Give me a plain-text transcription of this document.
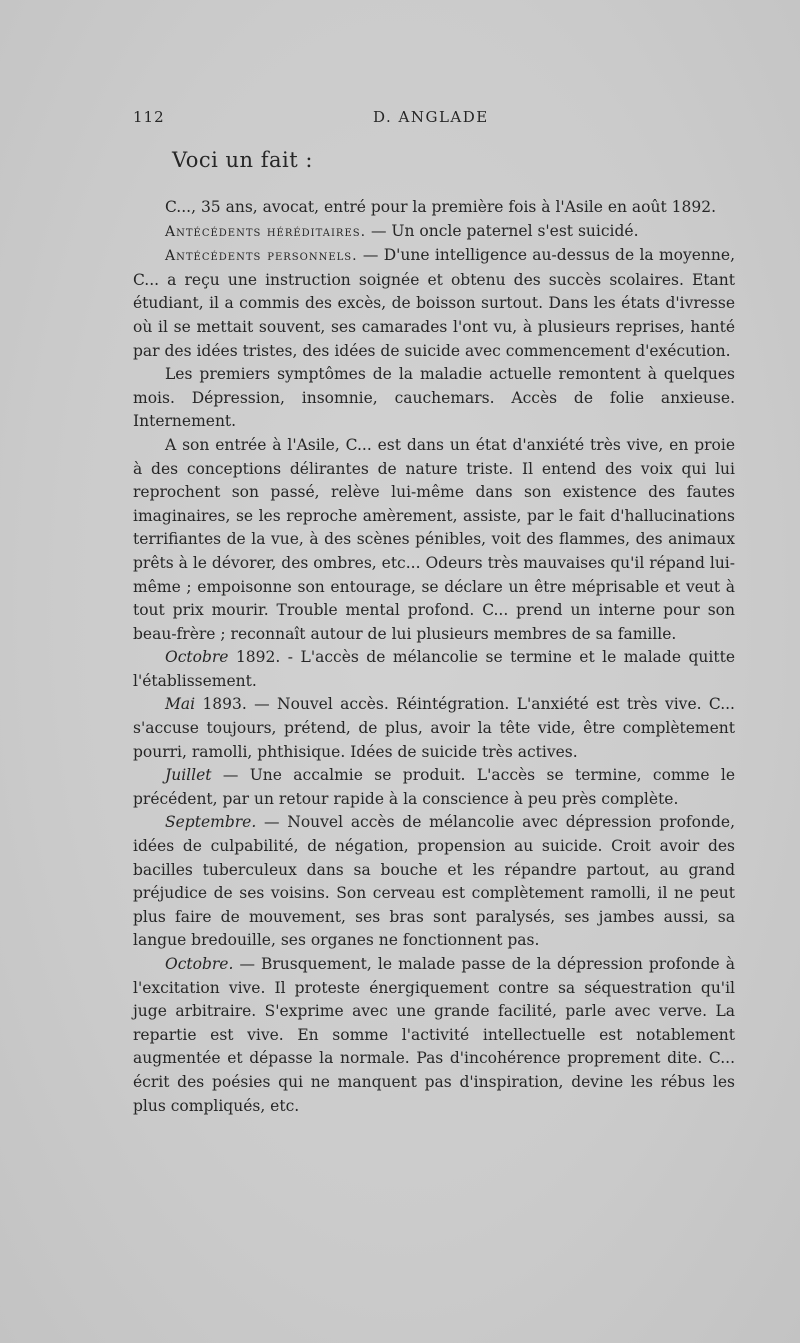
112	D. ANGLADE
Voci un fait :

C..., 35 ans, avocat, entré pour la première fois à l'Asile en août 1892.

Antécédents héréditaires. — Un oncle paternel s'est suicidé.

Antécédents personnels. — D'une intelligence au-dessus de la moyenne, C... a reçu une instruction soignée et obtenu des succès scolaires. Etant étudiant, il a commis des excès, de boisson surtout. Dans les états d'ivresse où il se mettait souvent, ses camarades l'ont vu, à plusieurs reprises, hanté par des idées tristes, des idées de suicide avec commencement d'exécution.

Les premiers symptômes de la maladie actuelle remontent à quelques mois. Dépression, insomnie, cauchemars. Accès de folie anxieuse. Internement.

A son entrée à l'Asile, C... est dans un état d'anxiété très vive, en proie à des conceptions délirantes de nature triste. Il entend des voix qui lui reprochent son passé, relève lui-même dans son existence des fautes imaginaires, se les reproche amèrement, assiste, par le fait d'hallucinations terrifiantes de la vue, à des scènes pénibles, voit des flammes, des animaux prêts à le dévorer, des ombres, etc... Odeurs très mauvaises qu'il répand lui-même ; empoisonne son entourage, se déclare un être méprisable et veut à tout prix mourir. Trouble mental profond. C... prend un interne pour son beau-frère ; reconnaît autour de lui plusieurs membres de sa famille.

Octobre 1892. - L'accès de mélancolie se termine et le malade quitte l'établissement.

Mai 1893. — Nouvel accès. Réintégration. L'anxiété est très vive. C... s'accuse toujours, prétend, de plus, avoir la tête vide, être complètement pourri, ramolli, phthisique. Idées de suicide très actives.

Juillet — Une accalmie se produit. L'accès se termine, comme le précédent, par un retour rapide à la conscience à peu près complète.

Septembre. — Nouvel accès de mélancolie avec dépression profonde, idées de culpabilité, de négation, propension au suicide. Croit avoir des bacilles tuberculeux dans sa bouche et les répandre partout, au grand préjudice de ses voisins. Son cerveau est complètement ramolli, il ne peut plus faire de mouvement, ses bras sont paralysés, ses jambes aussi, sa langue bredouille, ses organes ne fonctionnent pas.

Octobre. — Brusquement, le malade passe de la dépression profonde à l'excitation vive. Il proteste énergiquement contre sa séquestration qu'il juge arbitraire. S'exprime avec une grande facilité, parle avec verve. La repartie est vive. En somme l'activité intellectuelle est notablement augmentée et dépasse la normale. Pas d'incohérence proprement dite. C... écrit des poésies qui ne manquent pas d'inspiration, devine les rébus les plus compliqués, etc.
